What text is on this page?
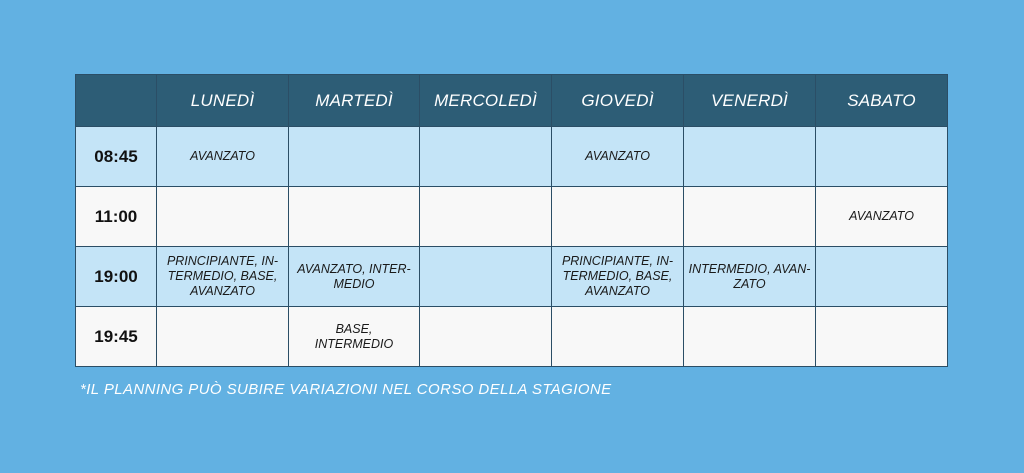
	LUNEDÌ	MARTEDÌ	MERCOLEDÌ	GIOVEDÌ	VENERDÌ	SABATO
08:45	AVANZATO			AVANZATO		

11:00						AVANZATO

19:00	PRINCIPIANTE, IN-
TERMEDIO, BASE,
AVANZATO	AVANZATO, INTER-
MEDIO		PRINCIPIANTE, IN-
TERMEDIO, BASE,
AVANZATO	INTERMEDIO, AVAN-
ZATO	

19:45		BASE,
INTERMEDIO				

*IL PLANNING PUÒ SUBIRE VARIAZIONI NEL CORSO DELLA STAGIONE
